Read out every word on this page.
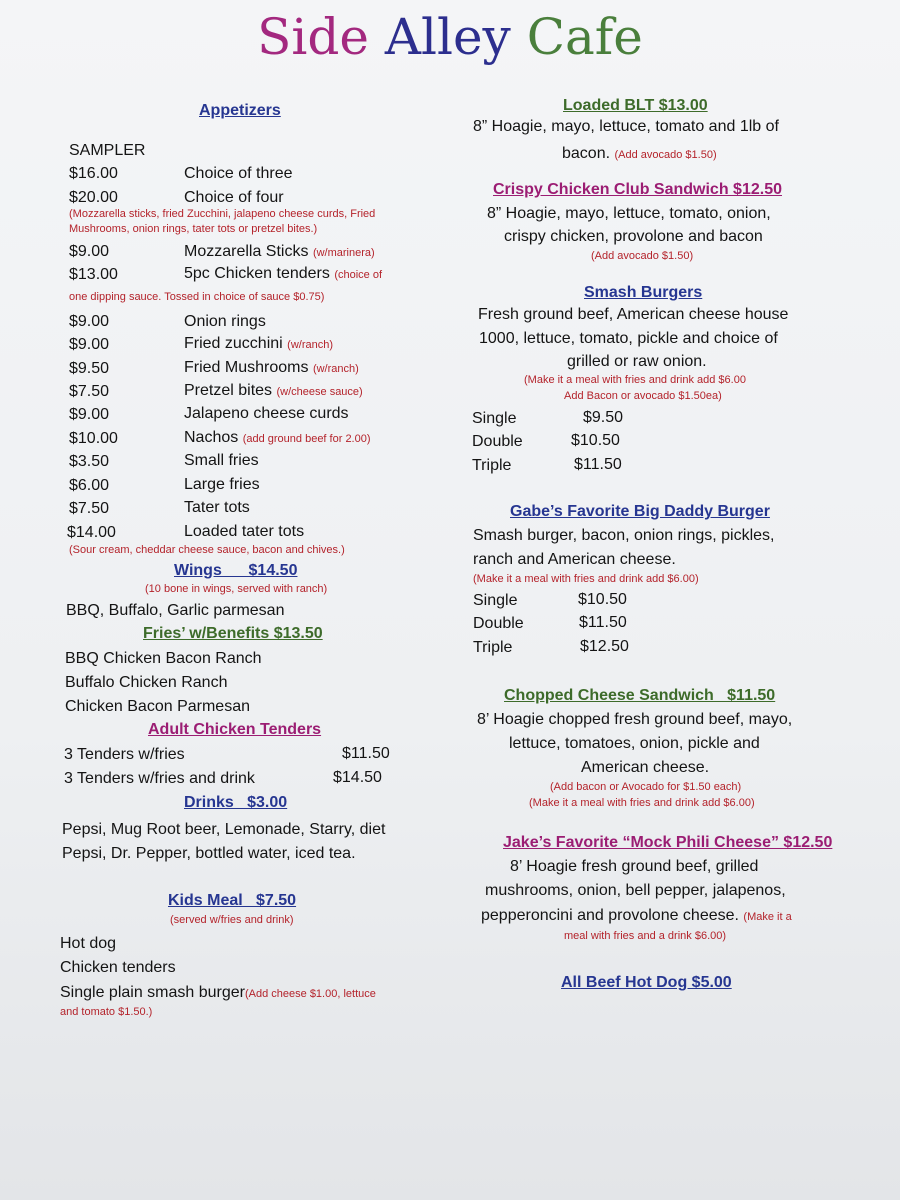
Side Alley Cafe
Appetizers
SAMPLER
$16.00	Choice of three
$20.00	Choice of four
(Mozzarella sticks, fried Zucchini, jalapeno cheese curds, Fried Mushrooms, onion rings, tater tots or pretzel bites.)
$9.00	Mozzarella Sticks (w/marinera)
$13.00	5pc Chicken tenders (choice of
one dipping sauce. Tossed in choice of sauce $0.75)
$9.00	Onion rings
$9.00	Fried zucchini (w/ranch)
$9.50	Fried Mushrooms (w/ranch)
$7.50	Pretzel bites (w/cheese sauce)
$9.00	Jalapeno cheese curds
$10.00	Nachos (add ground beef for 2.00)
$3.50	Small fries
$6.00	Large fries
$7.50	Tater tots
$14.00	Loaded tater tots
(Sour cream, cheddar cheese sauce, bacon and chives.)
Wings      $14.50
(10 bone in wings, served with ranch)
BBQ, Buffalo, Garlic parmesan
Fries’ w/Benefits $13.50
BBQ Chicken Bacon Ranch
Buffalo Chicken Ranch
Chicken Bacon Parmesan
Adult Chicken Tenders
3 Tenders w/fries	$11.50
3 Tenders w/fries and drink	$14.50
Drinks   $3.00
Pepsi, Mug Root beer, Lemonade, Starry, diet Pepsi, Dr. Pepper, bottled water, iced tea.
Kids Meal   $7.50
(served w/fries and drink)
Hot dog
Chicken tenders
Single plain smash burger(Add cheese $1.00, lettuce
and tomato $1.50.)
Loaded BLT $13.00
8” Hoagie, mayo, lettuce, tomato and 1lb of
bacon. (Add avocado $1.50)
Crispy Chicken Club Sandwich $12.50
8” Hoagie, mayo, lettuce, tomato, onion,
crispy chicken, provolone and bacon
(Add avocado $1.50)
Smash Burgers
Fresh ground beef, American cheese house
1000, lettuce, tomato, pickle and choice of
grilled or raw onion.
(Make it a meal with fries and drink add $6.00
Add Bacon or avocado $1.50ea)
Single	$9.50
Double	$10.50
Triple	$11.50
Gabe’s Favorite Big Daddy Burger
Smash burger, bacon, onion rings, pickles,
ranch and American cheese.
(Make it a meal with fries and drink add $6.00)
Single	$10.50
Double	$11.50
Triple	$12.50
Chopped Cheese Sandwich   $11.50
8’ Hoagie chopped fresh ground beef, mayo,
lettuce, tomatoes, onion, pickle and
American cheese.
(Add bacon or Avocado for $1.50 each)
(Make it a meal with fries and drink add $6.00)
Jake’s Favorite “Mock Phili Cheese” $12.50
8’ Hoagie fresh ground beef, grilled
mushrooms, onion, bell pepper, jalapenos,
pepperoncini and provolone cheese. (Make it a
meal with fries and a drink $6.00)
All Beef Hot Dog $5.00
